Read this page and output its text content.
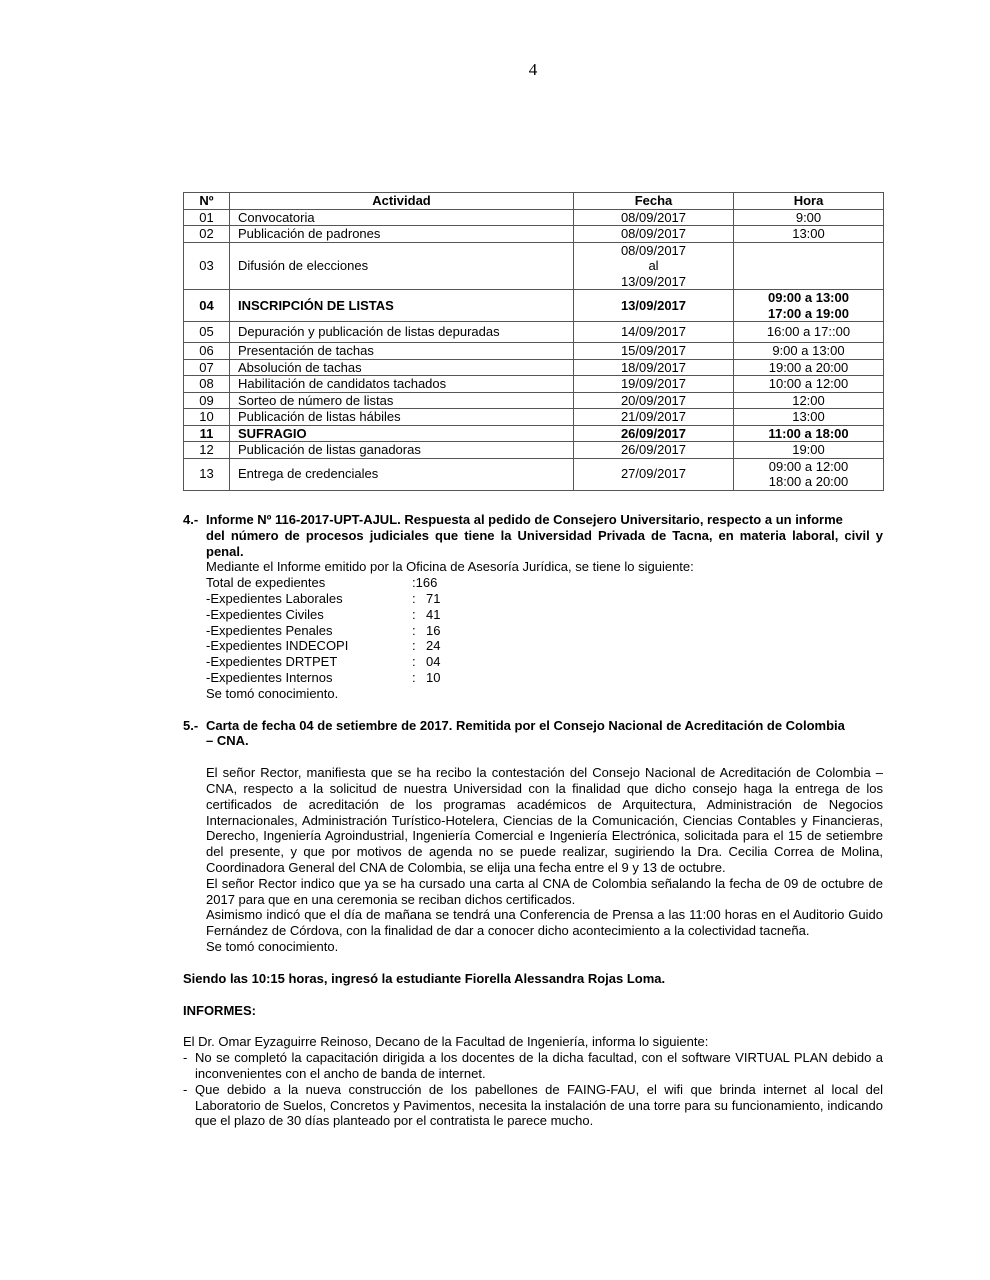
4
Nº	Actividad	Fecha	Hora
01	Convocatoria	08/09/2017	9:00
02	Publicación de padrones	08/09/2017	13:00
03	Difusión de elecciones	08/09/2017
al
13/09/2017	

04	INSCRIPCIÓN DE LISTAS	13/09/2017	09:00 a 13:00
17:00 a 19:00

05	Depuración y publicación de listas depuradas	14/09/2017	16:00 a 17::00
06	Presentación de tachas	15/09/2017	9:00 a 13:00
07	Absolución de tachas	18/09/2017	19:00 a 20:00
08	Habilitación de candidatos tachados	19/09/2017	10:00 a 12:00
09	Sorteo de número de listas	20/09/2017	12:00
10	Publicación de listas hábiles	21/09/2017	13:00
11	SUFRAGIO	26/09/2017	11:00 a 18:00
12	Publicación de listas ganadoras	26/09/2017	19:00
13	Entrega de credenciales	27/09/2017	09:00 a 12:00
18:00 a 20:00
4.- Informe Nº 116-2017-UPT-AJUL. Respuesta al pedido de Consejero Universitario, respecto a un informe
del número de procesos judiciales que tiene la Universidad Privada de Tacna, en materia laboral, civil y penal.
Mediante el Informe emitido por la Oficina de Asesoría Jurídica, se tiene lo siguiente:
Total de expedientes	: 166
-Expedientes Laborales	: 71
-Expedientes Civiles	: 41
-Expedientes Penales	: 16
-Expedientes INDECOPI	: 24
-Expedientes DRTPET	: 04
-Expedientes Internos	: 10
Se tomó conocimiento.
5.- Carta de fecha 04 de setiembre de 2017. Remitida por el Consejo Nacional de Acreditación de Colombia
– CNA.
El señor Rector, manifiesta que se ha recibo la contestación del Consejo Nacional de Acreditación de Colombia – CNA, respecto a la solicitud de nuestra Universidad con la finalidad que dicho consejo haga la entrega de los certificados de acreditación de los programas académicos de Arquitectura, Administración de Negocios Internacionales, Administración Turístico-Hotelera, Ciencias de la Comunicación, Ciencias Contables y Financieras, Derecho, Ingeniería Agroindustrial, Ingeniería Comercial e Ingeniería Electrónica, solicitada para el 15 de setiembre del presente, y que por motivos de agenda no se puede realizar, sugiriendo la Dra. Cecilia Correa de Molina, Coordinadora General del CNA de Colombia, se elija una fecha entre el 9 y 13 de octubre.
El señor Rector indico que ya se ha cursado una carta al CNA de Colombia señalando la fecha de 09 de octubre de 2017 para que en una ceremonia se reciban dichos certificados.
Asimismo indicó que el día de mañana se tendrá una Conferencia de Prensa a las 11:00 horas en el Auditorio Guido Fernández de Córdova, con la finalidad de dar a conocer dicho acontecimiento a la colectividad tacneña.
Se tomó conocimiento.
Siendo las 10:15 horas, ingresó la estudiante Fiorella Alessandra Rojas Loma.
INFORMES:
El Dr. Omar Eyzaguirre Reinoso, Decano de la Facultad de Ingeniería, informa lo siguiente:
- No se completó la capacitación dirigida a los docentes de la dicha facultad, con el software VIRTUAL PLAN debido a inconvenientes con el ancho de banda de internet.
- Que debido a la nueva construcción de los pabellones de FAING-FAU, el wifi que brinda internet al local del Laboratorio de Suelos, Concretos y Pavimentos, necesita la instalación de una torre para su funcionamiento, indicando que el plazo de 30 días planteado por el contratista le parece mucho.
